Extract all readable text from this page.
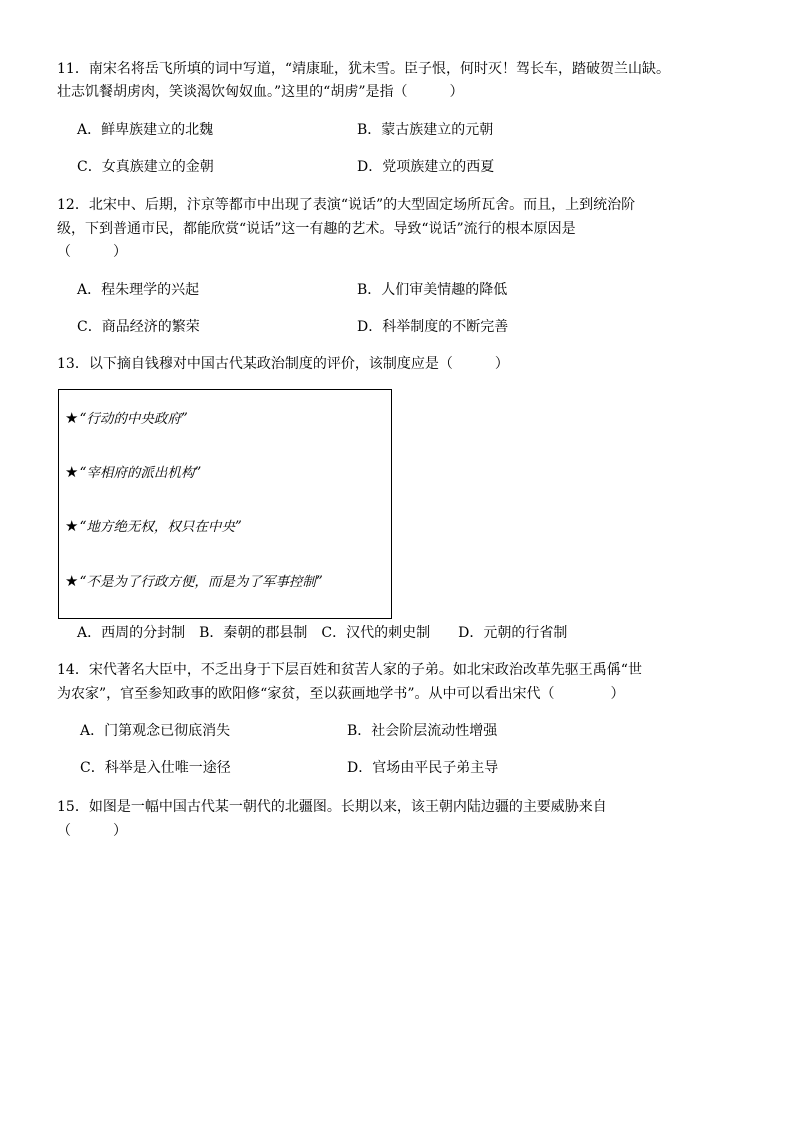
11．南宋名将岳飞所填的词中写道，“靖康耻，犹未雪。臣子恨，何时灭！驾长车，踏破贺兰山缺。
壮志饥餐胡虏肉，笑谈渴饮匈奴血。”这里的“胡虏”是指（　　　）
A．鲜卑族建立的北魏	B．蒙古族建立的元朝
C．女真族建立的金朝	D．党项族建立的西夏
12．北宋中、后期，汴京等都市中出现了表演“说话”的大型固定场所瓦舍。而且，上到统治阶
级，下到普通市民，都能欣赏“说话”这一有趣的艺术。导致“说话”流行的根本原因是
（　　　）
A．程朱理学的兴起	B．人们审美情趣的降低
C．商品经济的繁荣	D．科举制度的不断完善
13．以下摘自钱穆对中国古代某政治制度的评价，该制度应是（　　　）
★“行动的中央政府”
★“宰相府的派出机构”
★“地方绝无权，权只在中央”
★“不是为了行政方便，而是为了军事控制”
A．西周的分封制　B．秦朝的郡县制　C．汉代的刺史制　　D．元朝的行省制
14．宋代著名大臣中，不乏出身于下层百姓和贫苦人家的子弟。如北宋政治改革先驱王禹偁“世
为农家”，官至参知政事的欧阳修“家贫，至以荻画地学书”。从中可以看出宋代（　　　　）
A．门第观念已彻底消失	B．社会阶层流动性增强
C．科举是入仕唯一途径	D．官场由平民子弟主导
15．如图是一幅中国古代某一朝代的北疆图。长期以来，该王朝内陆边疆的主要威胁来自
（　　　）
